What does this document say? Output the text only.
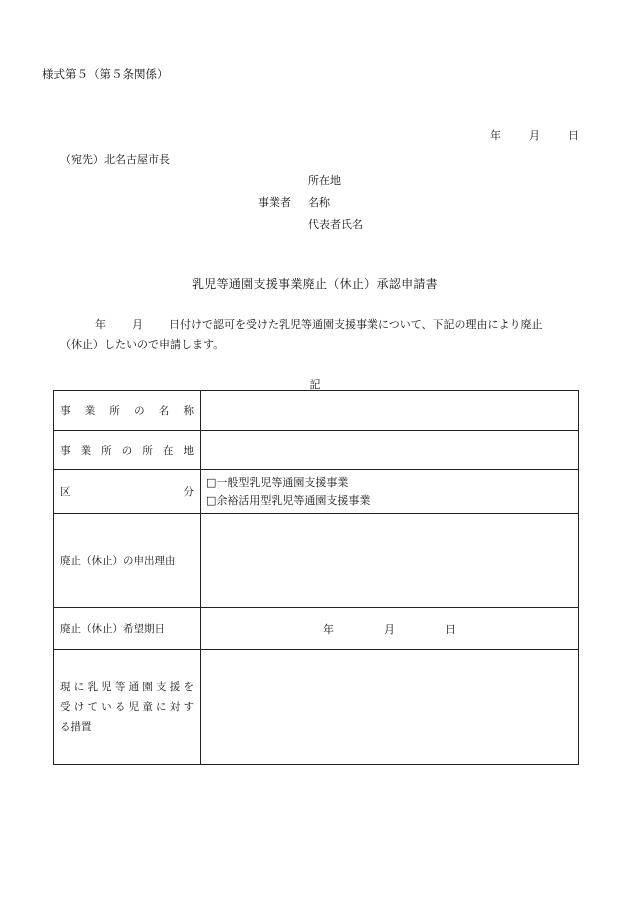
様式第５（第５条関係）
年	月	日
（宛先）北名古屋市長
所在地
事業者 名称
代表者氏名
乳児等通園支援事業廃止（休止）承認申請書
年 月 日付けで認可を受けた乳児等通園支援事業について、下記の理由により廃止
（休止）したいので申請します。
記
事業所の名称	

事業所の所在地	

区 分	□一般型乳児等通園支援事業
□余裕活用型乳児等通園支援事業

廃止（休止）の申出理由	

廃止（休止）希望期日	年 月 日

現に乳児等通園支援を
受けている児童に対す
る措置	
